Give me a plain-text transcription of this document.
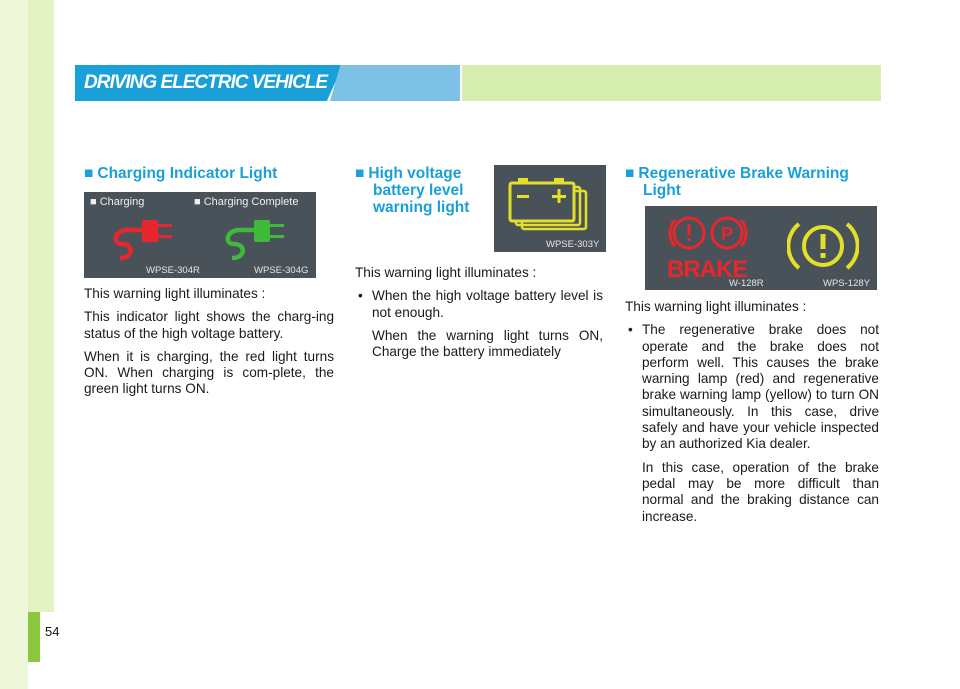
54
DRIVING ELECTRIC VEHICLE
■ Charging Indicator Light
■ Charging	■ Charging Complete
WPSE-304R	WPSE-304G

This warning light illuminates :

This indicator light shows the charg-ing status of the high voltage battery.

When it is charging, the red light turns ON. When charging is com-plete, the green light turns ON.

■ High voltage
battery level
warning light
WPSE-303Y

This warning light illuminates :

• When the high voltage battery level is not enough.

When the warning light turns ON, Charge the battery immediately

■ Regenerative Brake Warning
Light
P
BRAKE
W-128R	WPS-128Y

This warning light illuminates :

• The regenerative brake does not operate and the brake does not perform well. This causes the brake warning lamp (red) and regenerative brake warning lamp (yellow) to turn ON simultaneously. In this case, drive safely and have your vehicle inspected by an authorized Kia dealer.

In this case, operation of the brake pedal may be more difficult than normal and the braking distance can increase.
